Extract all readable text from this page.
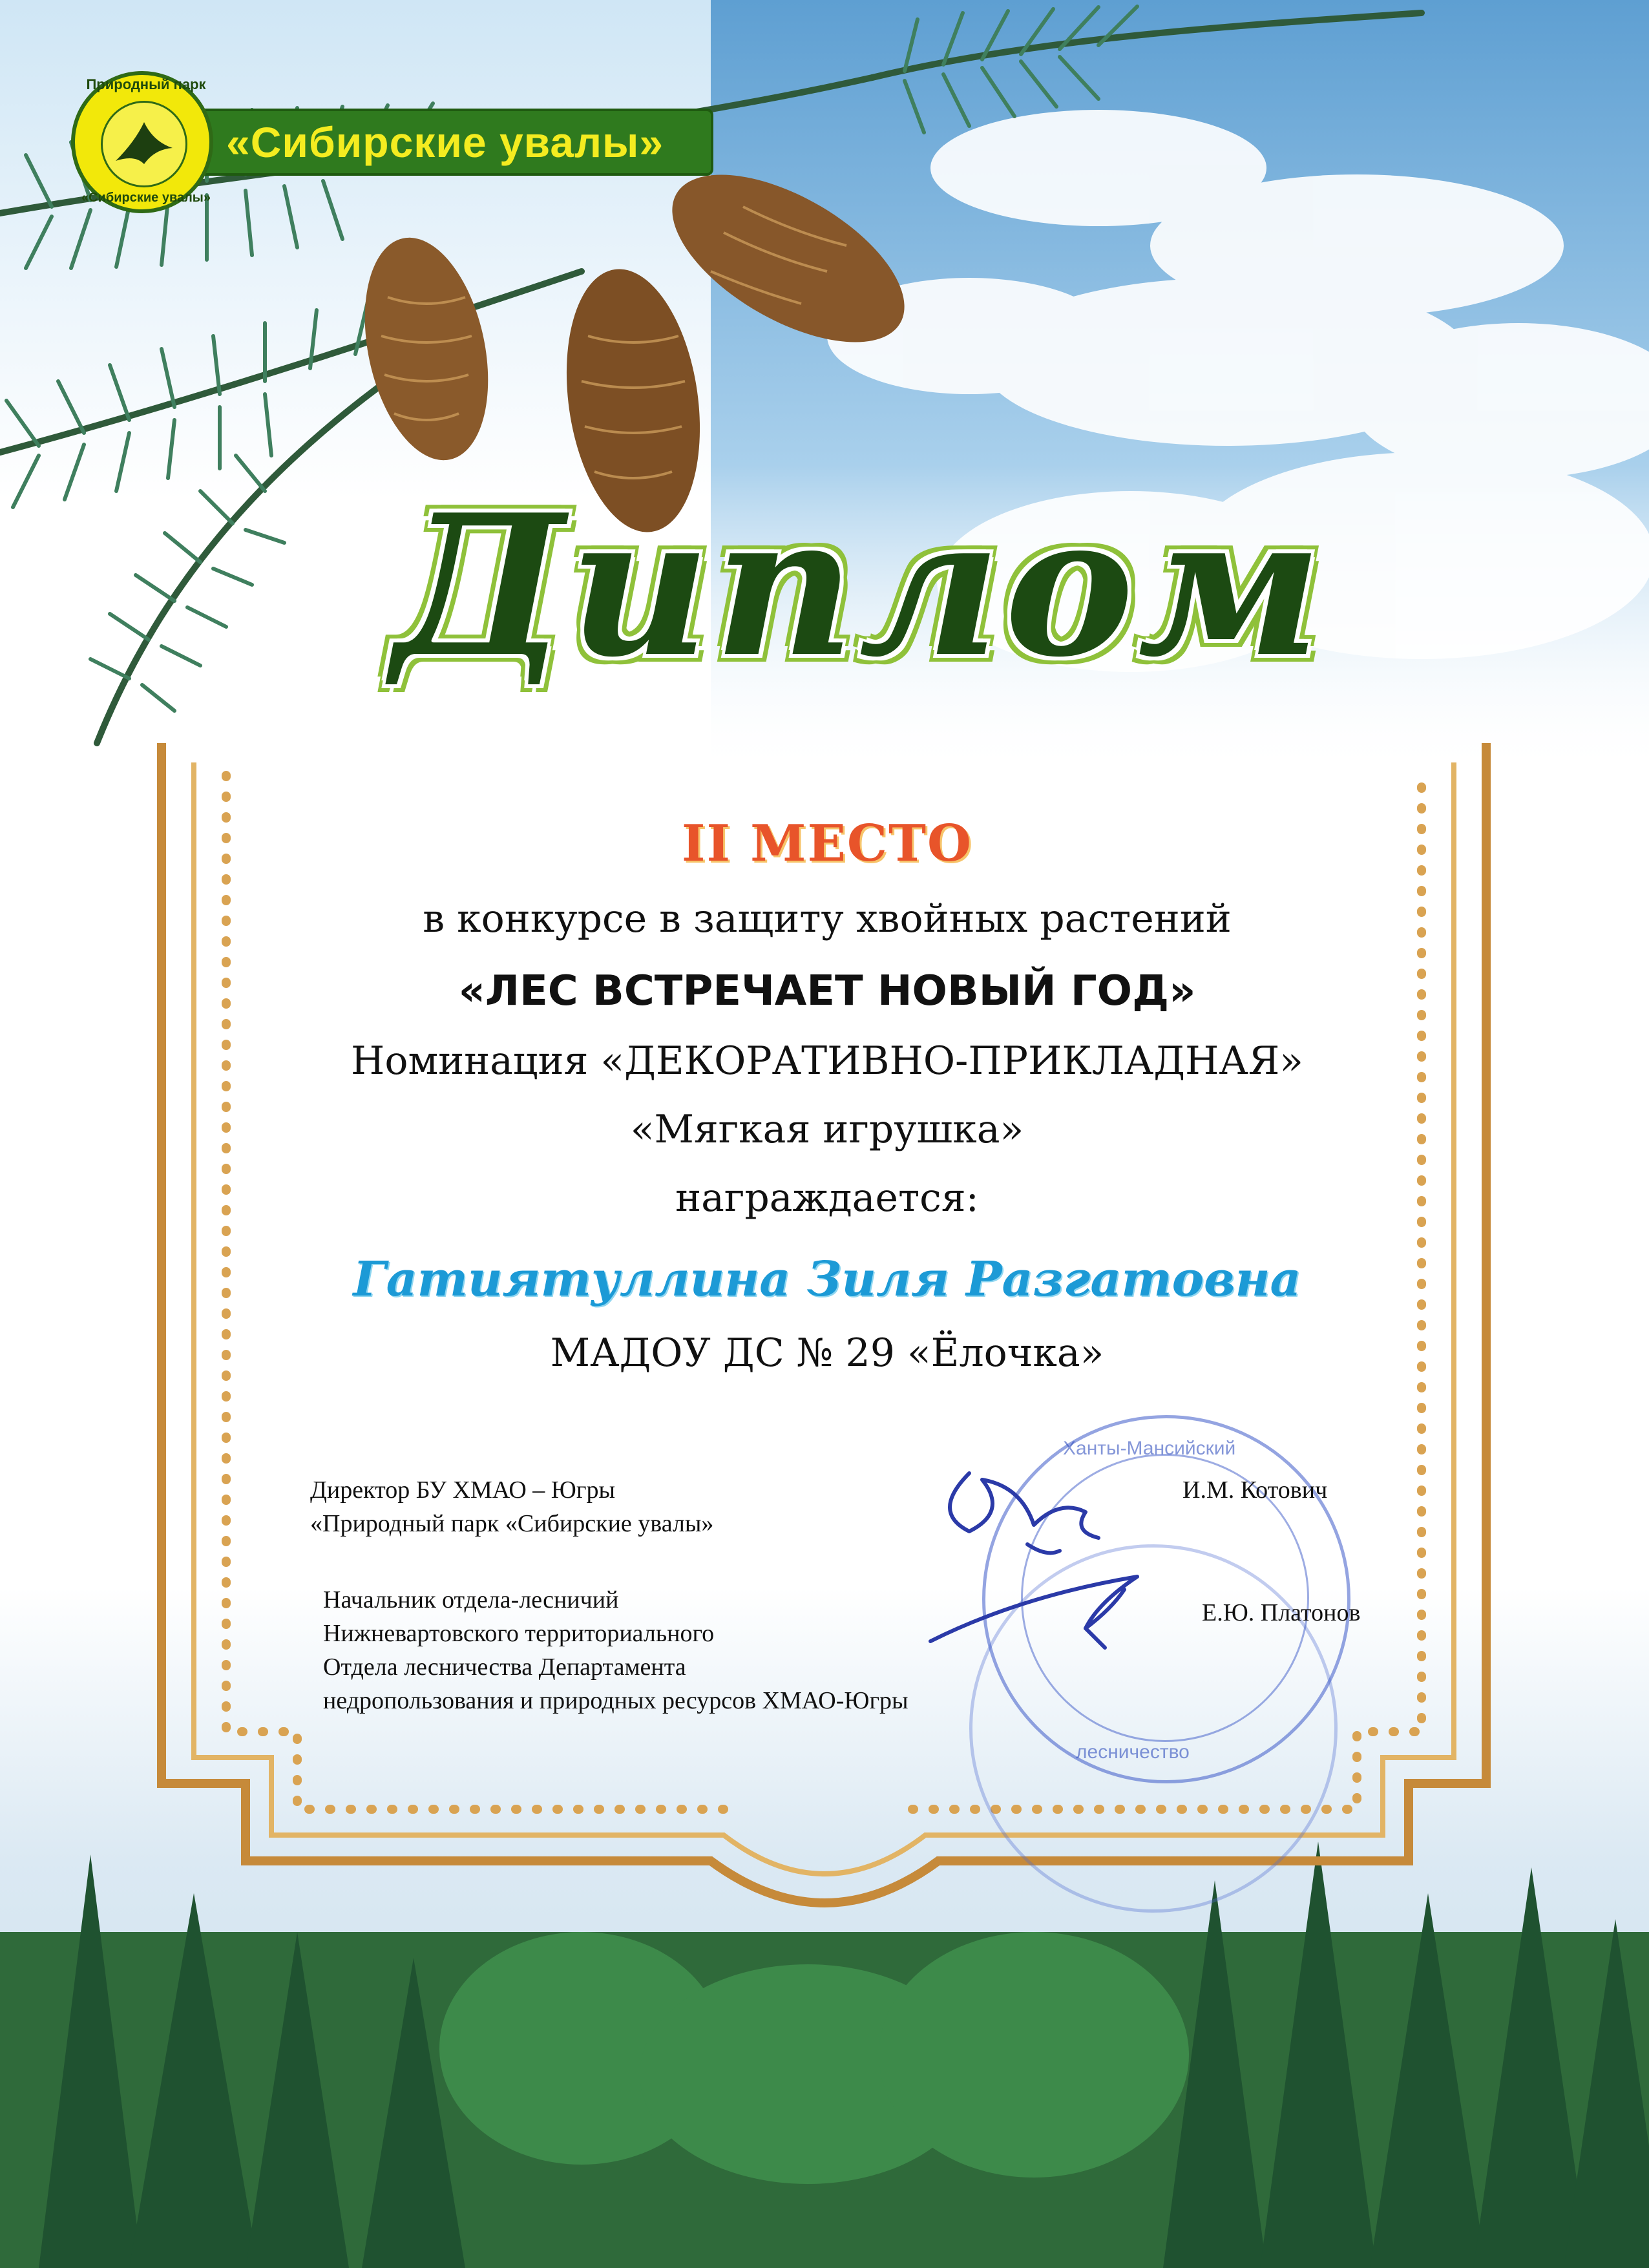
Природный парк
«Сибирские увалы»
«Сибирские увалы»
Диплом
II МЕСТО
в конкурсе в защиту хвойных растений
«ЛЕС ВСТРЕЧАЕТ НОВЫЙ ГОД»
Номинация «ДЕКОРАТИВНО-ПРИКЛАДНАЯ»
«Мягкая игрушка»
награждается:
Гатиятуллина Зиля Разгатовна
МАДОУ ДС № 29 «Ёлочка»
лесничество
Ханты-Мансийский
Директор БУ ХМАО – Югры
«Природный парк «Сибирские увалы»
И.М. Котович
Начальник отдела-лесничий
Нижневартовского территориального
Отдела лесничества Департамента
недропользования и природных ресурсов ХМАО-Югры
Е.Ю. Платонов
